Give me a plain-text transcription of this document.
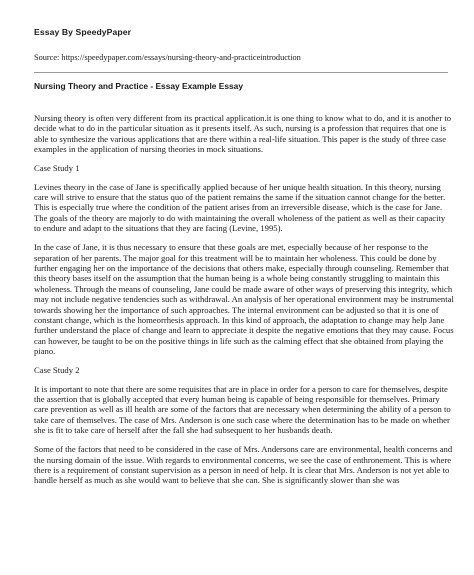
Essay By SpeedyPaper
Source: https://speedypaper.com/essays/nursing-theory-and-practiceintroduction
Nursing Theory and Practice - Essay Example Essay

Nursing theory is often very different from its practical application.it is one thing to know what to do, and it is another to decide what to do in the particular situation as it presents itself. As such, nursing is a profession that requires that one is able to synthesize the various applications that are there within a real-life situation. This paper is the study of three case examples in the application of nursing theories in mock situations.

Case Study 1

Levines theory in the case of Jane is specifically applied because of her unique health situation. In this theory, nursing care will strive to ensure that the status quo of the patient remains the same if the situation cannot change for the better. This is especially true where the condition of the patient arises from an irreversible disease, which is the case for Jane. The goals of the theory are majorly to do with maintaining the overall wholeness of the patient as well as their capacity to endure and adapt to the situations that they are facing (Levine, 1995).

In the case of Jane, it is thus necessary to ensure that these goals are met, especially because of her response to the separation of her parents. The major goal for this treatment will be to maintain her wholeness. This could be done by further engaging her on the importance of the decisions that others make, especially through counseling. Remember that this theory bases itself on the assumption that the human being is a whole being constantly struggling to maintain this wholeness. Through the means of counseling, Jane could be made aware of other ways of preserving this integrity, which may not include negative tendencies such as withdrawal. An analysis of her operational environment may be instrumental towards showing her the importance of such approaches. The internal environment can be adjusted so that it is one of constant change, which is the homeorrhesis approach. In this kind of approach, the adaptation to change may help Jane further understand the place of change and learn to appreciate it despite the negative emotions that they may cause. Focus can however, be taught to be on the positive things in life such as the calming effect that she obtained from playing the piano.

Case Study 2

It is important to note that there are some requisites that are in place in order for a person to care for themselves, despite the assertion that is globally accepted that every human being is capable of being responsible for themselves. Primary care prevention as well as ill health are some of the factors that are necessary when determining the ability of a person to take care of themselves. The case of Mrs. Anderson is one such case where the determination has to be made on whether she is fit to take care of herself after the fall she had subsequent to her husbands death.

Some of the factors that need to be considered in the case of Mrs. Andersons care are environmental, health concerns and the nursing domain of the issue. With regards to environmental concerns, we see the case of enthronement. This is where there is a requirement of constant supervision as a person in need of help. It is clear that Mrs. Anderson is not yet able to handle herself as much as she would want to believe that she can. She is significantly slower than she was
